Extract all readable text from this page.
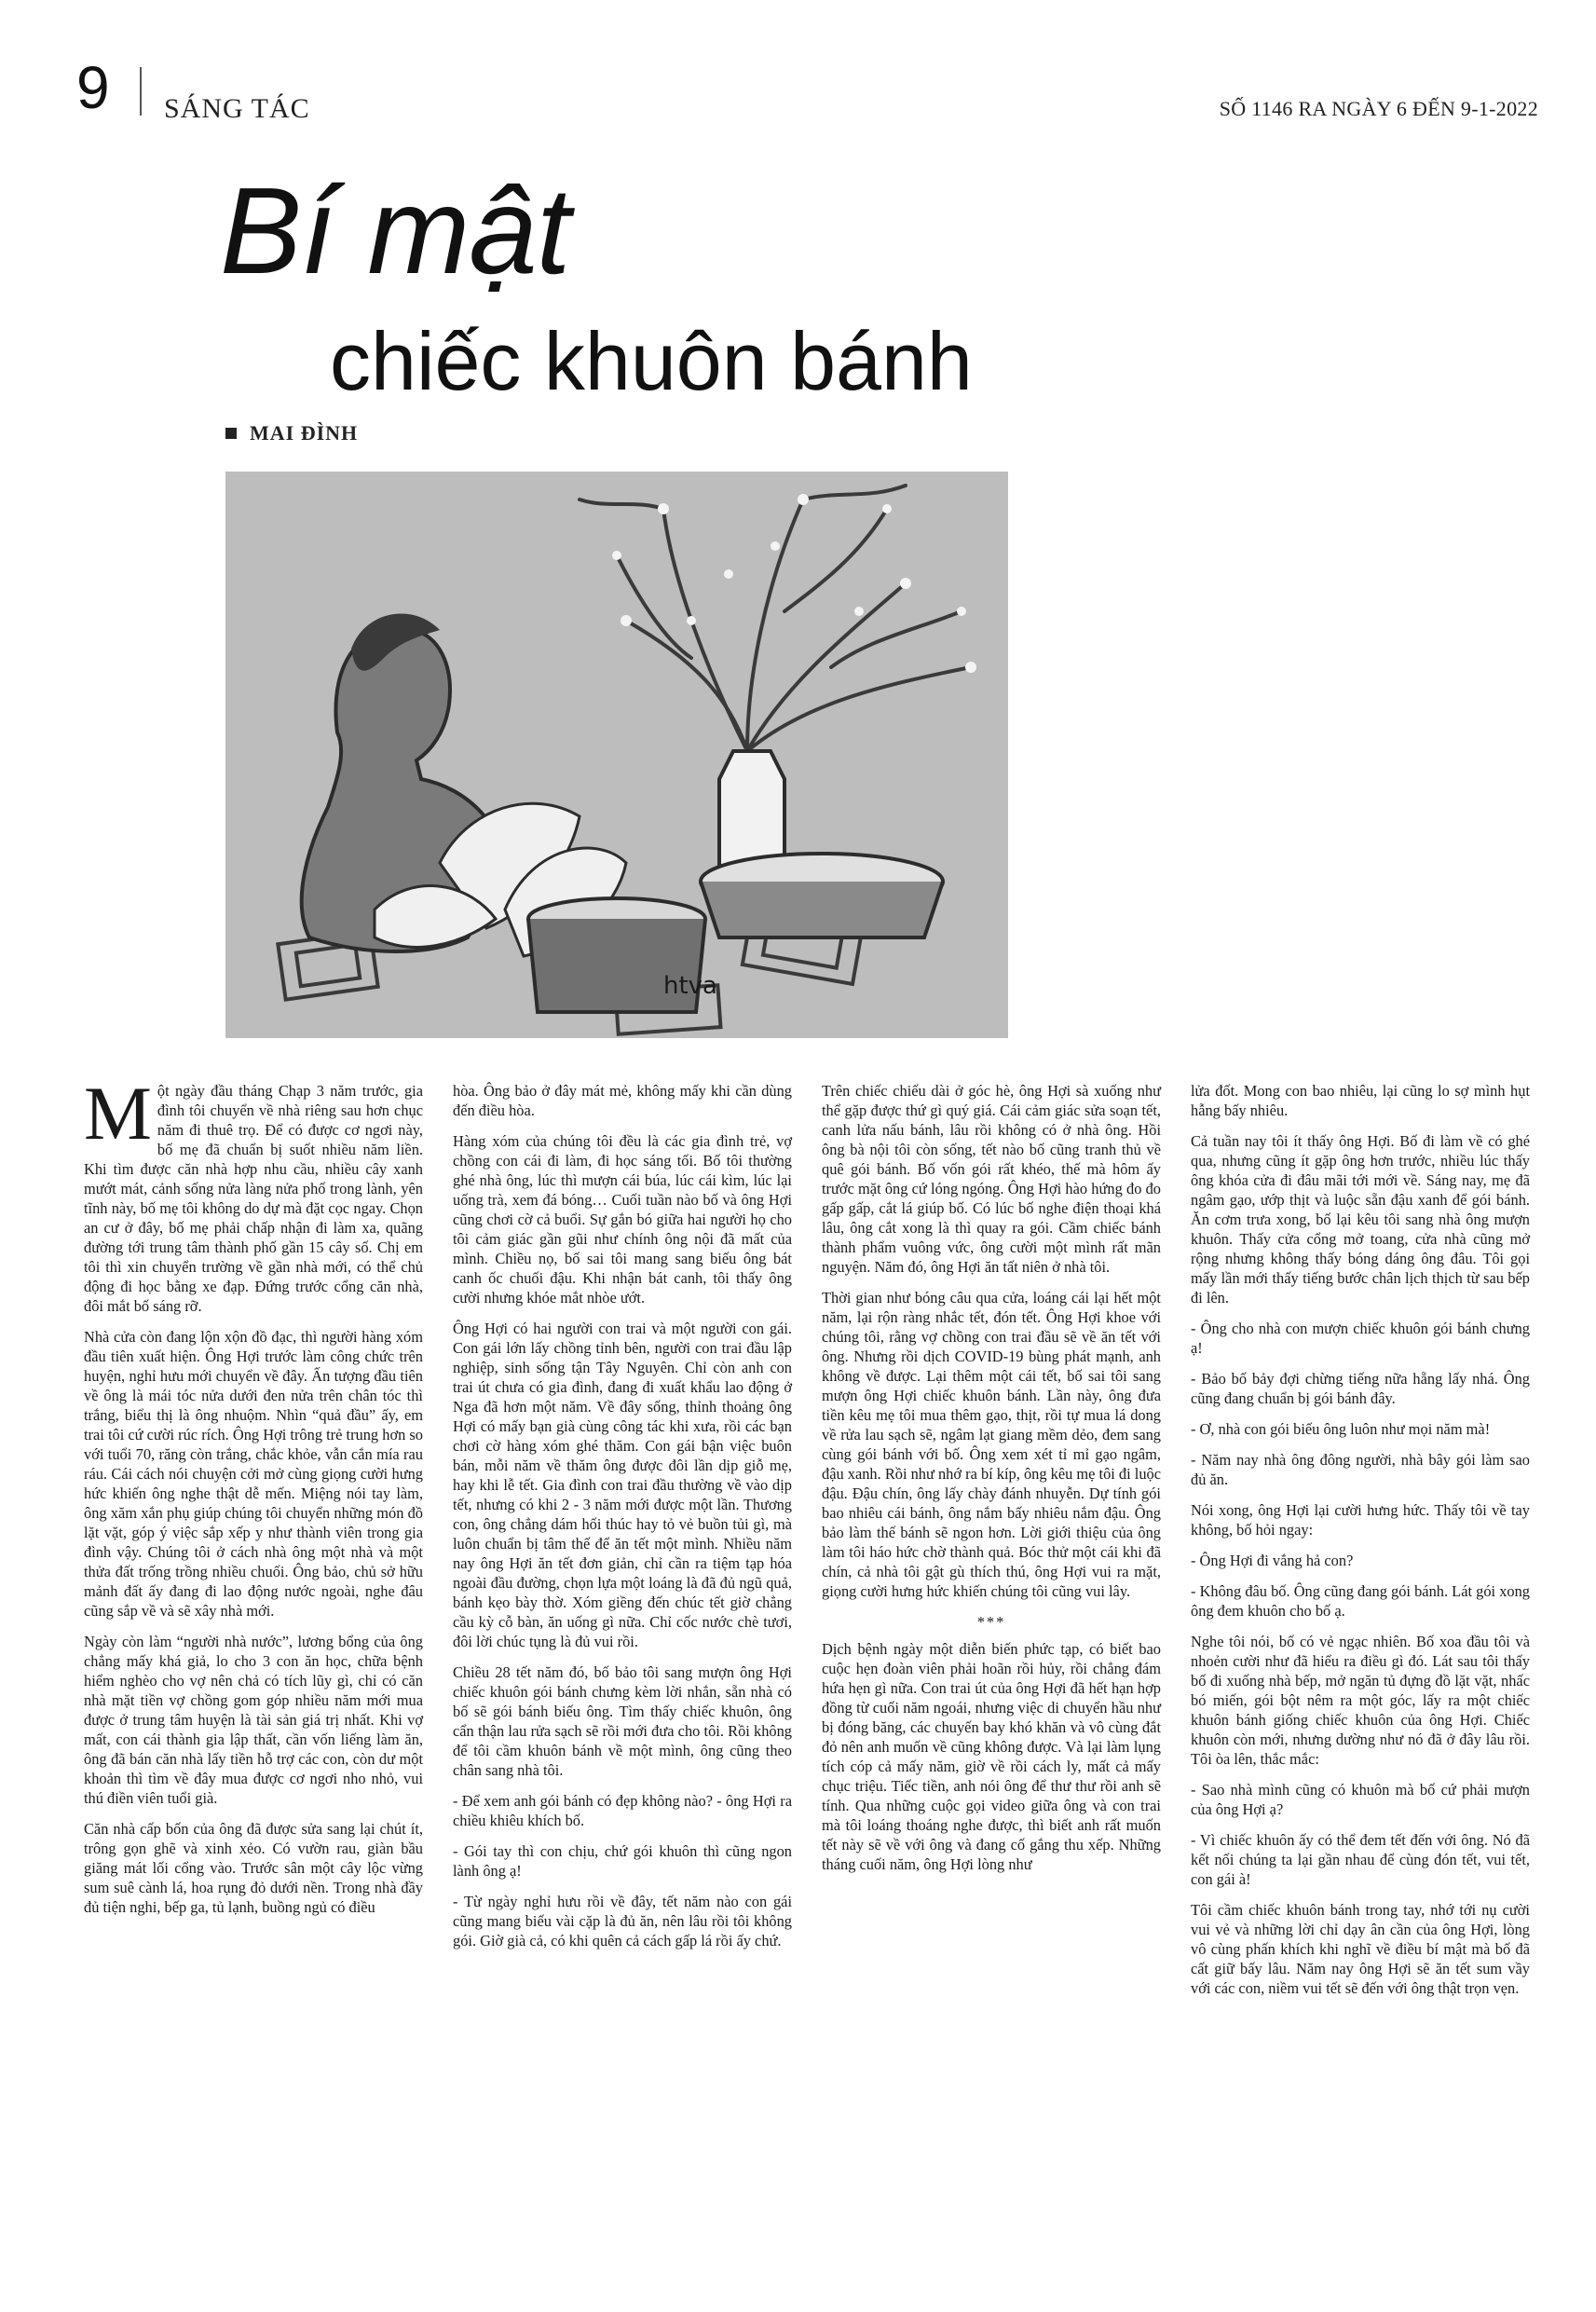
9 SÁNG TÁC	SỐ 1146 RA NGÀY 6 ĐẾN 9-1-2022
Bí mật
chiếc khuôn bánh
MAI ĐÌNH
htva

Một ngày đầu tháng Chạp 3 năm trước, gia đình tôi chuyển về nhà riêng sau hơn chục năm đi thuê trọ. Để có được cơ ngơi này, bố mẹ đã chuẩn bị suốt nhiều năm liền. Khi tìm được căn nhà hợp nhu cầu, nhiều cây xanh mướt mát, cảnh sống nửa làng nửa phố trong lành, yên tĩnh này, bố mẹ tôi không do dự mà đặt cọc ngay. Chọn an cư ở đây, bố mẹ phải chấp nhận đi làm xa, quãng đường tới trung tâm thành phố gần 15 cây số. Chị em tôi thì xin chuyển trường về gần nhà mới, có thể chủ động đi học bằng xe đạp. Đứng trước cổng căn nhà, đôi mắt bố sáng rỡ.

Nhà cửa còn đang lộn xộn đồ đạc, thì người hàng xóm đầu tiên xuất hiện. Ông Hợi trước làm công chức trên huyện, nghỉ hưu mới chuyển về đây. Ấn tượng đầu tiên về ông là mái tóc nửa dưới đen nửa trên chân tóc thì trắng, biểu thị là ông nhuộm. Nhìn “quả đầu” ấy, em trai tôi cứ cười rúc rích. Ông Hợi trông trẻ trung hơn so với tuổi 70, răng còn trắng, chắc khỏe, vẫn cắn mía rau ráu. Cái cách nói chuyện cởi mở cùng giọng cười hưng hức khiến ông nghe thật dễ mến. Miệng nói tay làm, ông xăm xắn phụ giúp chúng tôi chuyển những món đồ lặt vặt, góp ý việc sắp xếp y như thành viên trong gia đình vậy. Chúng tôi ở cách nhà ông một nhà và một thửa đất trống trồng nhiều chuối. Ông bảo, chủ sở hữu mảnh đất ấy đang đi lao động nước ngoài, nghe đâu cũng sắp về và sẽ xây nhà mới.

Ngày còn làm “người nhà nước”, lương bổng của ông chẳng mấy khá giả, lo cho 3 con ăn học, chữa bệnh hiểm nghèo cho vợ nên chả có tích lũy gì, chỉ có căn nhà mặt tiền vợ chồng gom góp nhiều năm mới mua được ở trung tâm huyện là tài sản giá trị nhất. Khi vợ mất, con cái thành gia lập thất, cần vốn liếng làm ăn, ông đã bán căn nhà lấy tiền hỗ trợ các con, còn dư một khoản thì tìm về đây mua được cơ ngơi nho nhỏ, vui thú điền viên tuổi già.

Căn nhà cấp bốn của ông đã được sửa sang lại chút ít, trông gọn ghẽ và xinh xẻo. Có vườn rau, giàn bầu giăng mát lối cổng vào. Trước sân một cây lộc vừng sum suê cành lá, hoa rụng đỏ dưới nền. Trong nhà đầy đủ tiện nghi, bếp ga, tủ lạnh, buồng ngủ có điều

hòa. Ông bảo ở đây mát mẻ, không mấy khi cần dùng đến điều hòa.

Hàng xóm của chúng tôi đều là các gia đình trẻ, vợ chồng con cái đi làm, đi học sáng tối. Bố tôi thường ghé nhà ông, lúc thì mượn cái búa, lúc cái kìm, lúc lại uống trà, xem đá bóng… Cuối tuần nào bố và ông Hợi cũng chơi cờ cả buổi. Sự gắn bó giữa hai người họ cho tôi cảm giác gần gũi như chính ông nội đã mất của mình. Chiều nọ, bố sai tôi mang sang biếu ông bát canh ốc chuối đậu. Khi nhận bát canh, tôi thấy ông cười nhưng khóe mắt nhòe ướt.

Ông Hợi có hai người con trai và một người con gái. Con gái lớn lấy chồng tỉnh bên, người con trai đầu lập nghiệp, sinh sống tận Tây Nguyên. Chỉ còn anh con trai út chưa có gia đình, đang đi xuất khẩu lao động ở Nga đã hơn một năm. Về đây sống, thỉnh thoảng ông Hợi có mấy bạn già cùng công tác khi xưa, rồi các bạn chơi cờ hàng xóm ghé thăm. Con gái bận việc buôn bán, mỗi năm về thăm ông được đôi lần dịp giỗ mẹ, hay khi lễ tết. Gia đình con trai đầu thường về vào dịp tết, nhưng có khi 2 - 3 năm mới được một lần. Thương con, ông chẳng dám hối thúc hay tỏ vẻ buồn tủi gì, mà luôn chuẩn bị tâm thế để ăn tết một mình. Nhiều năm nay ông Hợi ăn tết đơn giản, chỉ cần ra tiệm tạp hóa ngoài đầu đường, chọn lựa một loáng là đã đủ ngũ quả, bánh kẹo bày thờ. Xóm giềng đến chúc tết giờ chẳng cầu kỳ cỗ bàn, ăn uống gì nữa. Chỉ cốc nước chè tươi, đôi lời chúc tụng là đủ vui rồi.

Chiều 28 tết năm đó, bố bảo tôi sang mượn ông Hợi chiếc khuôn gói bánh chưng kèm lời nhắn, sẵn nhà có bố sẽ gói bánh biếu ông. Tìm thấy chiếc khuôn, ông cẩn thận lau rửa sạch sẽ rồi mới đưa cho tôi. Rồi không để tôi cầm khuôn bánh về một mình, ông cũng theo chân sang nhà tôi.

- Để xem anh gói bánh có đẹp không nào? - ông Hợi ra chiều khiêu khích bố.

- Gói tay thì con chịu, chứ gói khuôn thì cũng ngon lành ông ạ!

- Từ ngày nghỉ hưu rồi về đây, tết năm nào con gái cũng mang biếu vài cặp là đủ ăn, nên lâu rồi tôi không gói. Giờ già cả, có khi quên cả cách gấp lá rồi ấy chứ.

Trên chiếc chiếu dài ở góc hè, ông Hợi sà xuống như thể gặp được thứ gì quý giá. Cái cảm giác sửa soạn tết, canh lửa nấu bánh, lâu rồi không có ở nhà ông. Hồi ông bà nội tôi còn sống, tết nào bố cũng tranh thủ về quê gói bánh. Bố vốn gói rất khéo, thế mà hôm ấy trước mặt ông cứ lóng ngóng. Ông Hợi hào hứng đo đo gấp gấp, cắt lá giúp bố. Có lúc bố nghe điện thoại khá lâu, ông cắt xong là thì quay ra gói. Cầm chiếc bánh thành phẩm vuông vức, ông cười một mình rất mãn nguyện. Năm đó, ông Hợi ăn tất niên ở nhà tôi.

Thời gian như bóng câu qua cửa, loáng cái lại hết một năm, lại rộn ràng nhắc tết, đón tết. Ông Hợi khoe với chúng tôi, rằng vợ chồng con trai đầu sẽ về ăn tết với ông. Nhưng rồi dịch COVID-19 bùng phát mạnh, anh không về được. Lại thêm một cái tết, bố sai tôi sang mượn ông Hợi chiếc khuôn bánh. Lần này, ông đưa tiền kêu mẹ tôi mua thêm gạo, thịt, rồi tự mua lá dong về rửa lau sạch sẽ, ngâm lạt giang mềm dẻo, đem sang cùng gói bánh với bố. Ông xem xét tỉ mỉ gạo ngâm, đậu xanh. Rồi như nhớ ra bí kíp, ông kêu mẹ tôi đi luộc đậu. Đậu chín, ông lấy chày đánh nhuyễn. Dự tính gói bao nhiêu cái bánh, ông nắm bấy nhiêu nắm đậu. Ông bảo làm thế bánh sẽ ngon hơn. Lời giới thiệu của ông làm tôi háo hức chờ thành quả. Bóc thử một cái khi đã chín, cả nhà tôi gật gù thích thú, ông Hợi vui ra mặt, giọng cười hưng hức khiến chúng tôi cũng vui lây.

***

Dịch bệnh ngày một diễn biến phức tạp, có biết bao cuộc hẹn đoàn viên phải hoãn rồi hủy, rồi chẳng đám hứa hẹn gì nữa. Con trai út của ông Hợi đã hết hạn hợp đồng từ cuối năm ngoái, nhưng việc di chuyển hầu như bị đóng băng, các chuyến bay khó khăn và vô cùng đắt đỏ nên anh muốn về cũng không được. Và lại làm lụng tích cóp cả mấy năm, giờ về rồi cách ly, mất cả mấy chục triệu. Tiếc tiền, anh nói ông để thư thư rồi anh sẽ tính. Qua những cuộc gọi video giữa ông và con trai mà tôi loáng thoáng nghe được, thì biết anh rất muốn tết này sẽ về với ông và đang cố gắng thu xếp. Những tháng cuối năm, ông Hợi lòng như

lửa đốt. Mong con bao nhiêu, lại cũng lo sợ mình hụt hẫng bấy nhiêu.

Cả tuần nay tôi ít thấy ông Hợi. Bố đi làm về có ghé qua, nhưng cũng ít gặp ông hơn trước, nhiều lúc thấy ông khóa cửa đi đâu mãi tới mới về. Sáng nay, mẹ đã ngâm gạo, ướp thịt và luộc sẵn đậu xanh để gói bánh. Ăn cơm trưa xong, bố lại kêu tôi sang nhà ông mượn khuôn. Thấy cửa cổng mở toang, cửa nhà cũng mở rộng nhưng không thấy bóng dáng ông đâu. Tôi gọi mấy lần mới thấy tiếng bước chân lịch thịch từ sau bếp đi lên.

- Ông cho nhà con mượn chiếc khuôn gói bánh chưng ạ!

- Bảo bố bảy đợi chừng tiếng nữa hẵng lấy nhá. Ông cũng đang chuẩn bị gói bánh đây.

- Ơ, nhà con gói biếu ông luôn như mọi năm mà!

- Năm nay nhà ông đông người, nhà bây gói làm sao đủ ăn.

Nói xong, ông Hợi lại cười hưng hức. Thấy tôi về tay không, bố hỏi ngay:

- Ông Hợi đi vắng hả con?

- Không đâu bố. Ông cũng đang gói bánh. Lát gói xong ông đem khuôn cho bố ạ.

Nghe tôi nói, bố có vẻ ngạc nhiên. Bố xoa đầu tôi và nhoẻn cười như đã hiểu ra điều gì đó. Lát sau tôi thấy bố đi xuống nhà bếp, mở ngăn tủ đựng đồ lặt vặt, nhấc bó miến, gói bột nêm ra một góc, lấy ra một chiếc khuôn bánh giống chiếc khuôn của ông Hợi. Chiếc khuôn còn mới, nhưng dường như nó đã ở đây lâu rồi. Tôi òa lên, thắc mắc:

- Sao nhà mình cũng có khuôn mà bố cứ phải mượn của ông Hợi ạ?

- Vì chiếc khuôn ấy có thể đem tết đến với ông. Nó đã kết nối chúng ta lại gần nhau để cùng đón tết, vui tết, con gái à!

Tôi cầm chiếc khuôn bánh trong tay, nhớ tới nụ cười vui vẻ và những lời chỉ dạy ân cần của ông Hợi, lòng vô cùng phấn khích khi nghĩ về điều bí mật mà bố đã cất giữ bấy lâu. Năm nay ông Hợi sẽ ăn tết sum vầy với các con, niềm vui tết sẽ đến với ông thật trọn vẹn.
